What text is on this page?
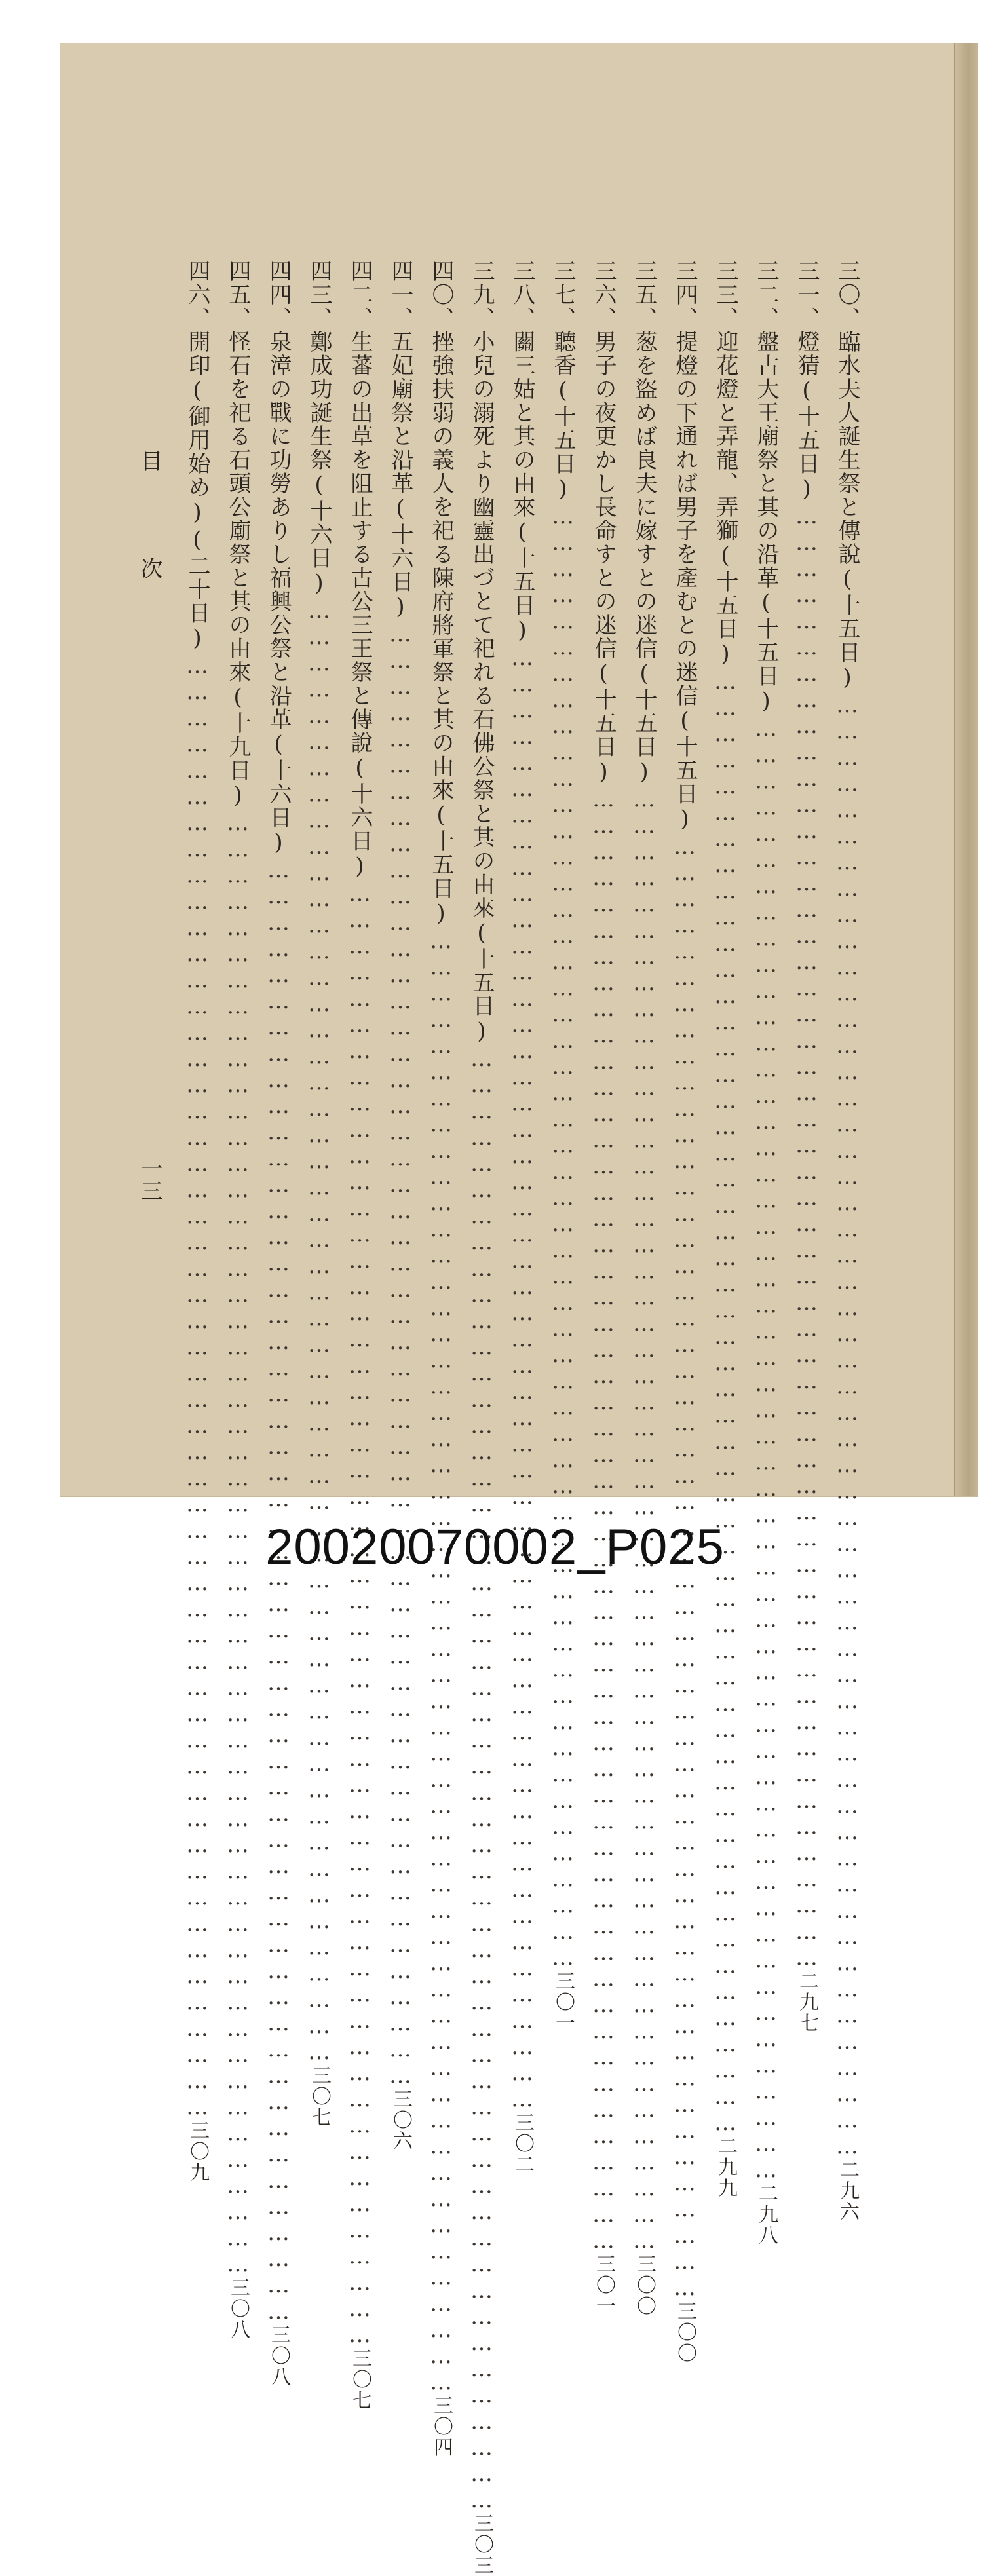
三〇、
臨水夫人誕生祭と傳說(十五日)
……………………………………………………………………………………………………………………………………………………
二九六
三一、
燈猜(十五日)
……………………………………………………………………………………………………………………………………………………
二九七
三二、
盤古大王廟祭と其の沿革(十五日)
……………………………………………………………………………………………………………………………………………………
二九八
三三、
迎花燈と弄龍、弄獅(十五日)
……………………………………………………………………………………………………………………………………………………
二九九
三四、
提燈の下通れば男子を產むとの迷信(十五日)
……………………………………………………………………………………………………………………………………………………
三〇〇
三五、
葱を盜めば良夫に嫁すとの迷信(十五日)
……………………………………………………………………………………………………………………………………………………
三〇〇
三六、
男子の夜更かし長命すとの迷信(十五日)
……………………………………………………………………………………………………………………………………………………
三〇一
三七、
聽香(十五日)
……………………………………………………………………………………………………………………………………………………
三〇一
三八、
關三姑と其の由來(十五日)
……………………………………………………………………………………………………………………………………………………
三〇二
三九、
小兒の溺死より幽靈出づとて祀れる石佛公祭と其の由來(十五日)
……………………………………………………………………………………………………………………………………………………
三〇三
四〇、
挫強扶弱の義人を祀る陳府將軍祭と其の由來(十五日)
……………………………………………………………………………………………………………………………………………………
三〇四
四一、
五妃廟祭と沿革(十六日)
……………………………………………………………………………………………………………………………………………………
三〇六
四二、
生蕃の出草を阻止する古公三王祭と傳說(十六日)
……………………………………………………………………………………………………………………………………………………
三〇七
四三、
鄭成功誕生祭(十六日)
……………………………………………………………………………………………………………………………………………………
三〇七
四四、
泉漳の戰に功勞ありし福興公祭と沿革(十六日)
……………………………………………………………………………………………………………………………………………………
三〇八
四五、
怪石を祀る石頭公廟祭と其の由來(十九日)
……………………………………………………………………………………………………………………………………………………
三〇八
四六、
開印(御用始め)(二十日)
……………………………………………………………………………………………………………………………………………………
三〇九
目次
一三
20020070002_P025
